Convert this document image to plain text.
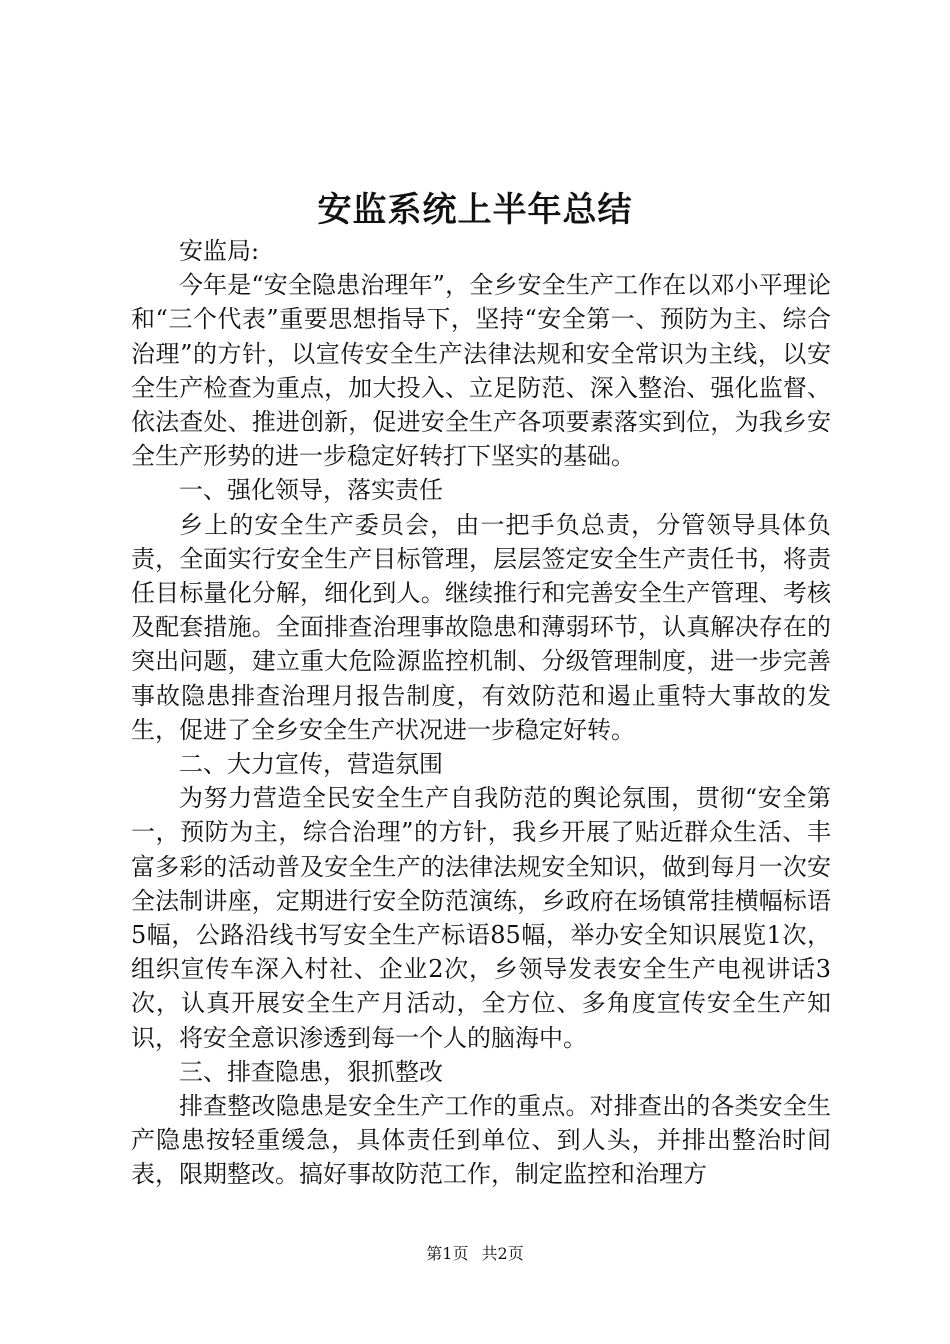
安监系统上半年总结

安监局:

今年是“安全隐患治理年”，全乡安全生产工作在以邓小平理论和“三个代表”重要思想指导下，坚持“安全第一、预防为主、综合治理”的方针，以宣传安全生产法律法规和安全常识为主线，以安全生产检查为重点，加大投入、立足防范、深入整治、强化监督、依法查处、推进创新，促进安全生产各项要素落实到位，为我乡安全生产形势的进一步稳定好转打下坚实的基础。

一、强化领导，落实责任

乡上的安全生产委员会，由一把手负总责，分管领导具体负责，全面实行安全生产目标管理，层层签定安全生产责任书，将责任目标量化分解，细化到人。继续推行和完善安全生产管理、考核及配套措施。全面排查治理事故隐患和薄弱环节，认真解决存在的突出问题，建立重大危险源监控机制、分级管理制度，进一步完善事故隐患排查治理月报告制度，有效防范和遏止重特大事故的发生，促进了全乡安全生产状况进一步稳定好转。

二、大力宣传，营造氛围

为努力营造全民安全生产自我防范的舆论氛围，贯彻“安全第一，预防为主，综合治理”的方针，我乡开展了贴近群众生活、丰富多彩的活动普及安全生产的法律法规安全知识，做到每月一次安全法制讲座，定期进行安全防范演练，乡政府在场镇常挂横幅标语5幅，公路沿线书写安全生产标语85幅，举办安全知识展览1次，组织宣传车深入村社、企业2次，乡领导发表安全生产电视讲话3次，认真开展安全生产月活动，全方位、多角度宣传安全生产知识，将安全意识渗透到每一个人的脑海中。

三、排查隐患，狠抓整改

排查整改隐患是安全生产工作的重点。对排查出的各类安全生产隐患按轻重缓急，具体责任到单位、到人头，并排出整治时间表，限期整改。搞好事故防范工作，制定监控和治理方

第1页 共2页
